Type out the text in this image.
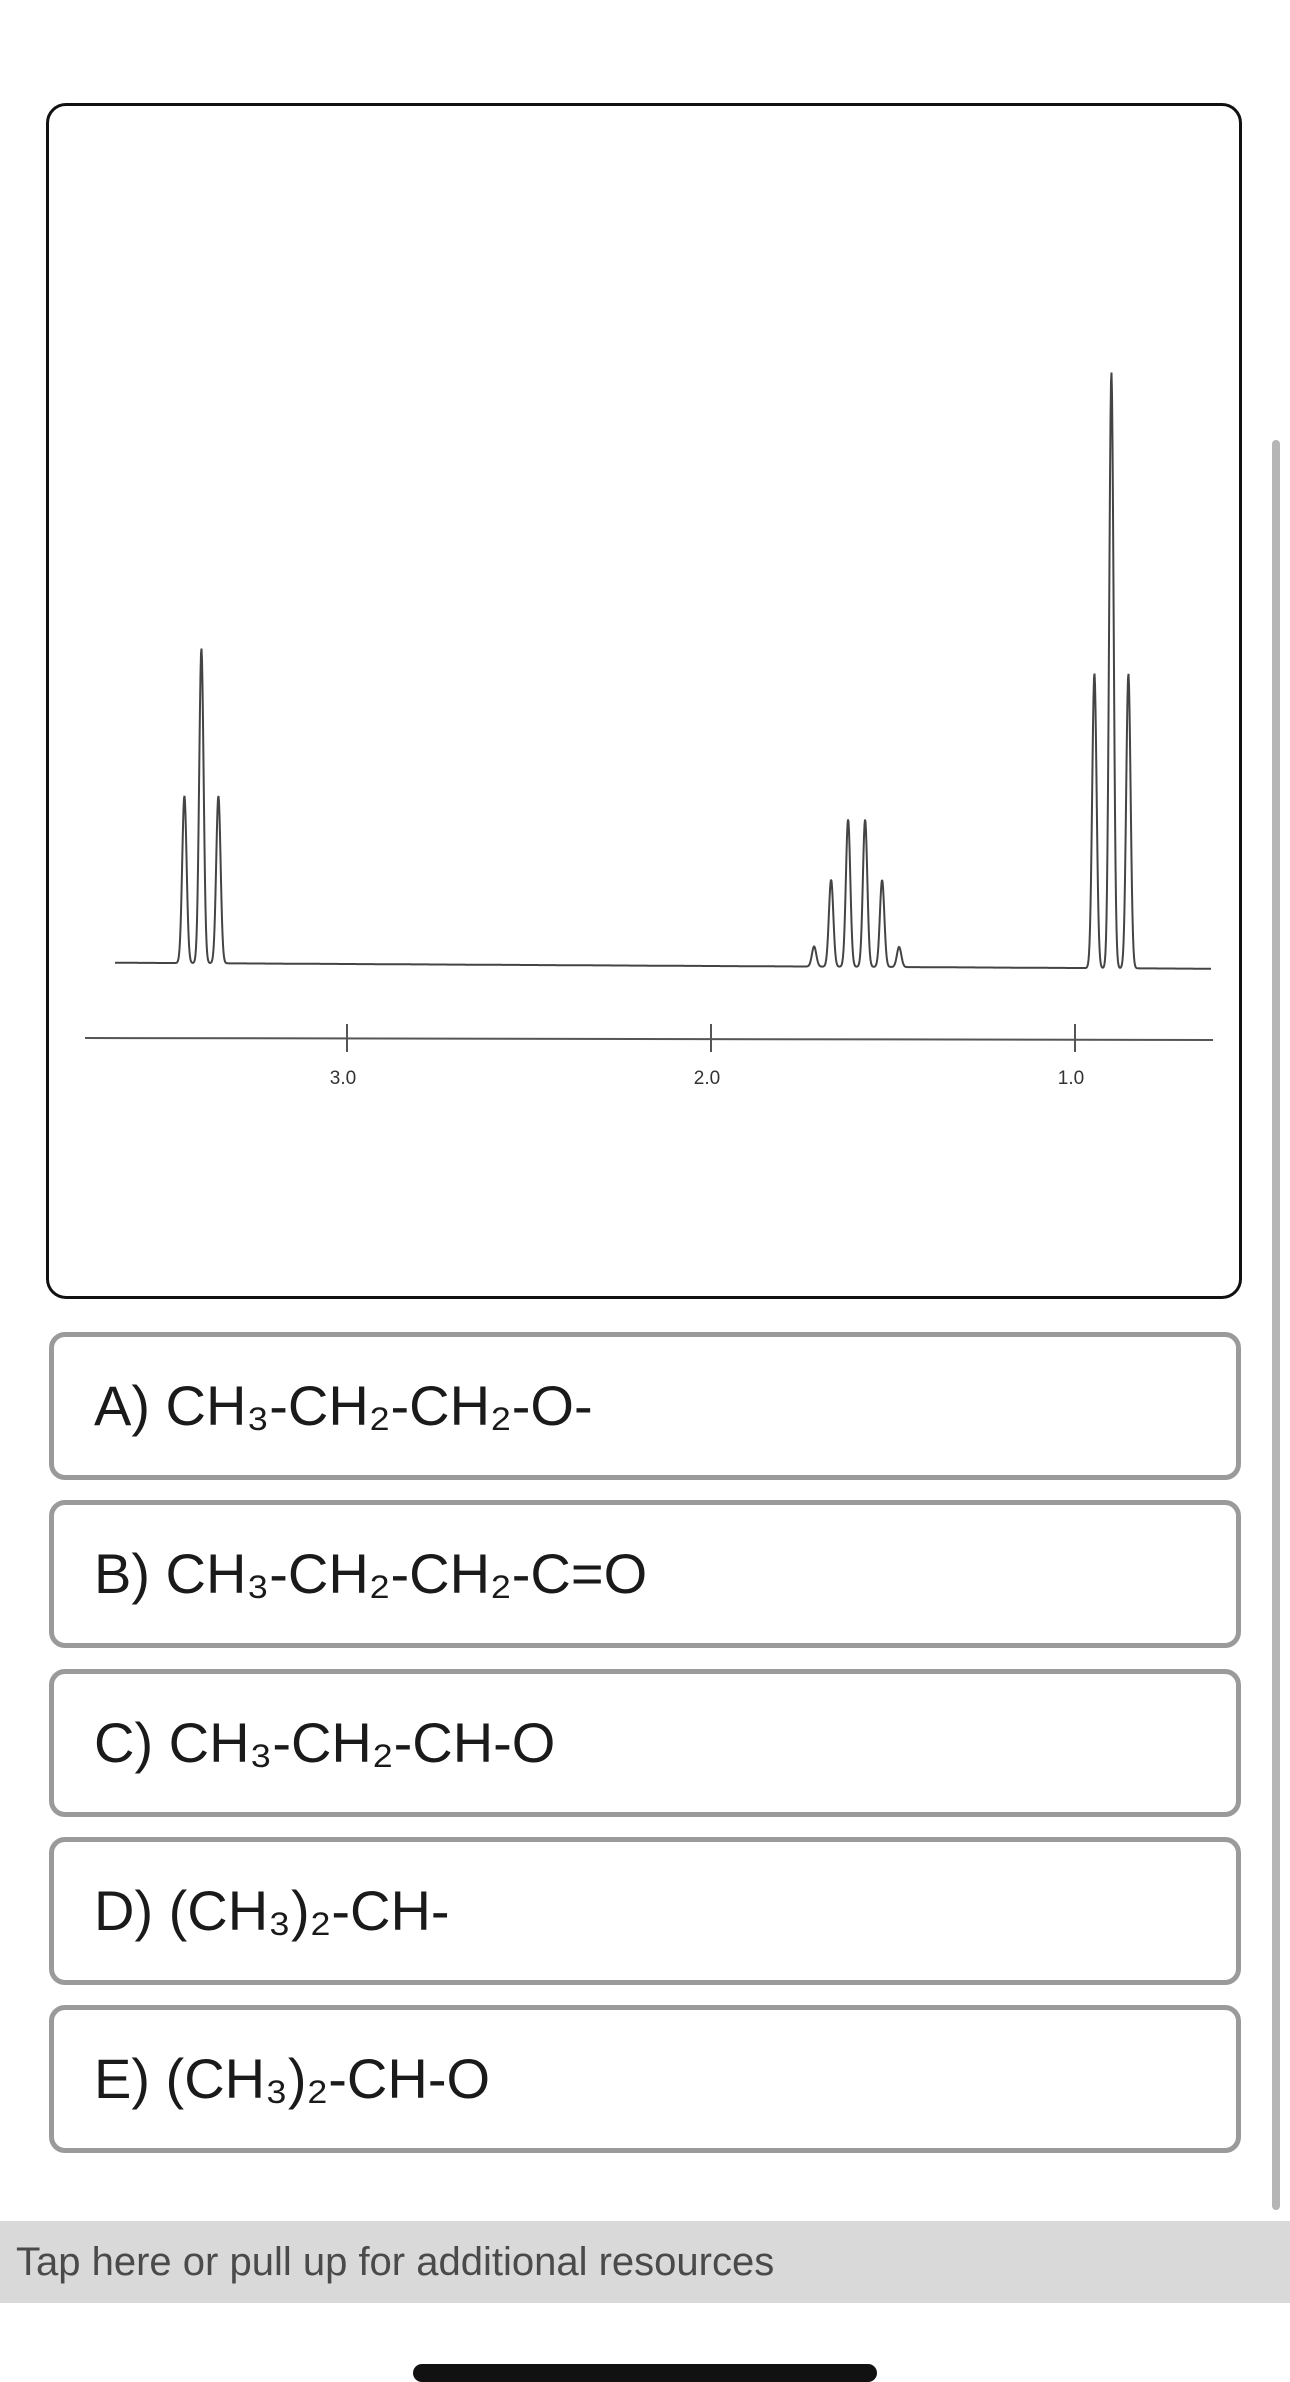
3.0	2.0	1.0
A) CH₃-CH₂-CH₂-O-
B) CH₃-CH₂-CH₂-C=O
C) CH₃-CH₂-CH-O
D) (CH₃)₂-CH-
E) (CH₃)₂-CH-O
Tap here or pull up for additional resources
